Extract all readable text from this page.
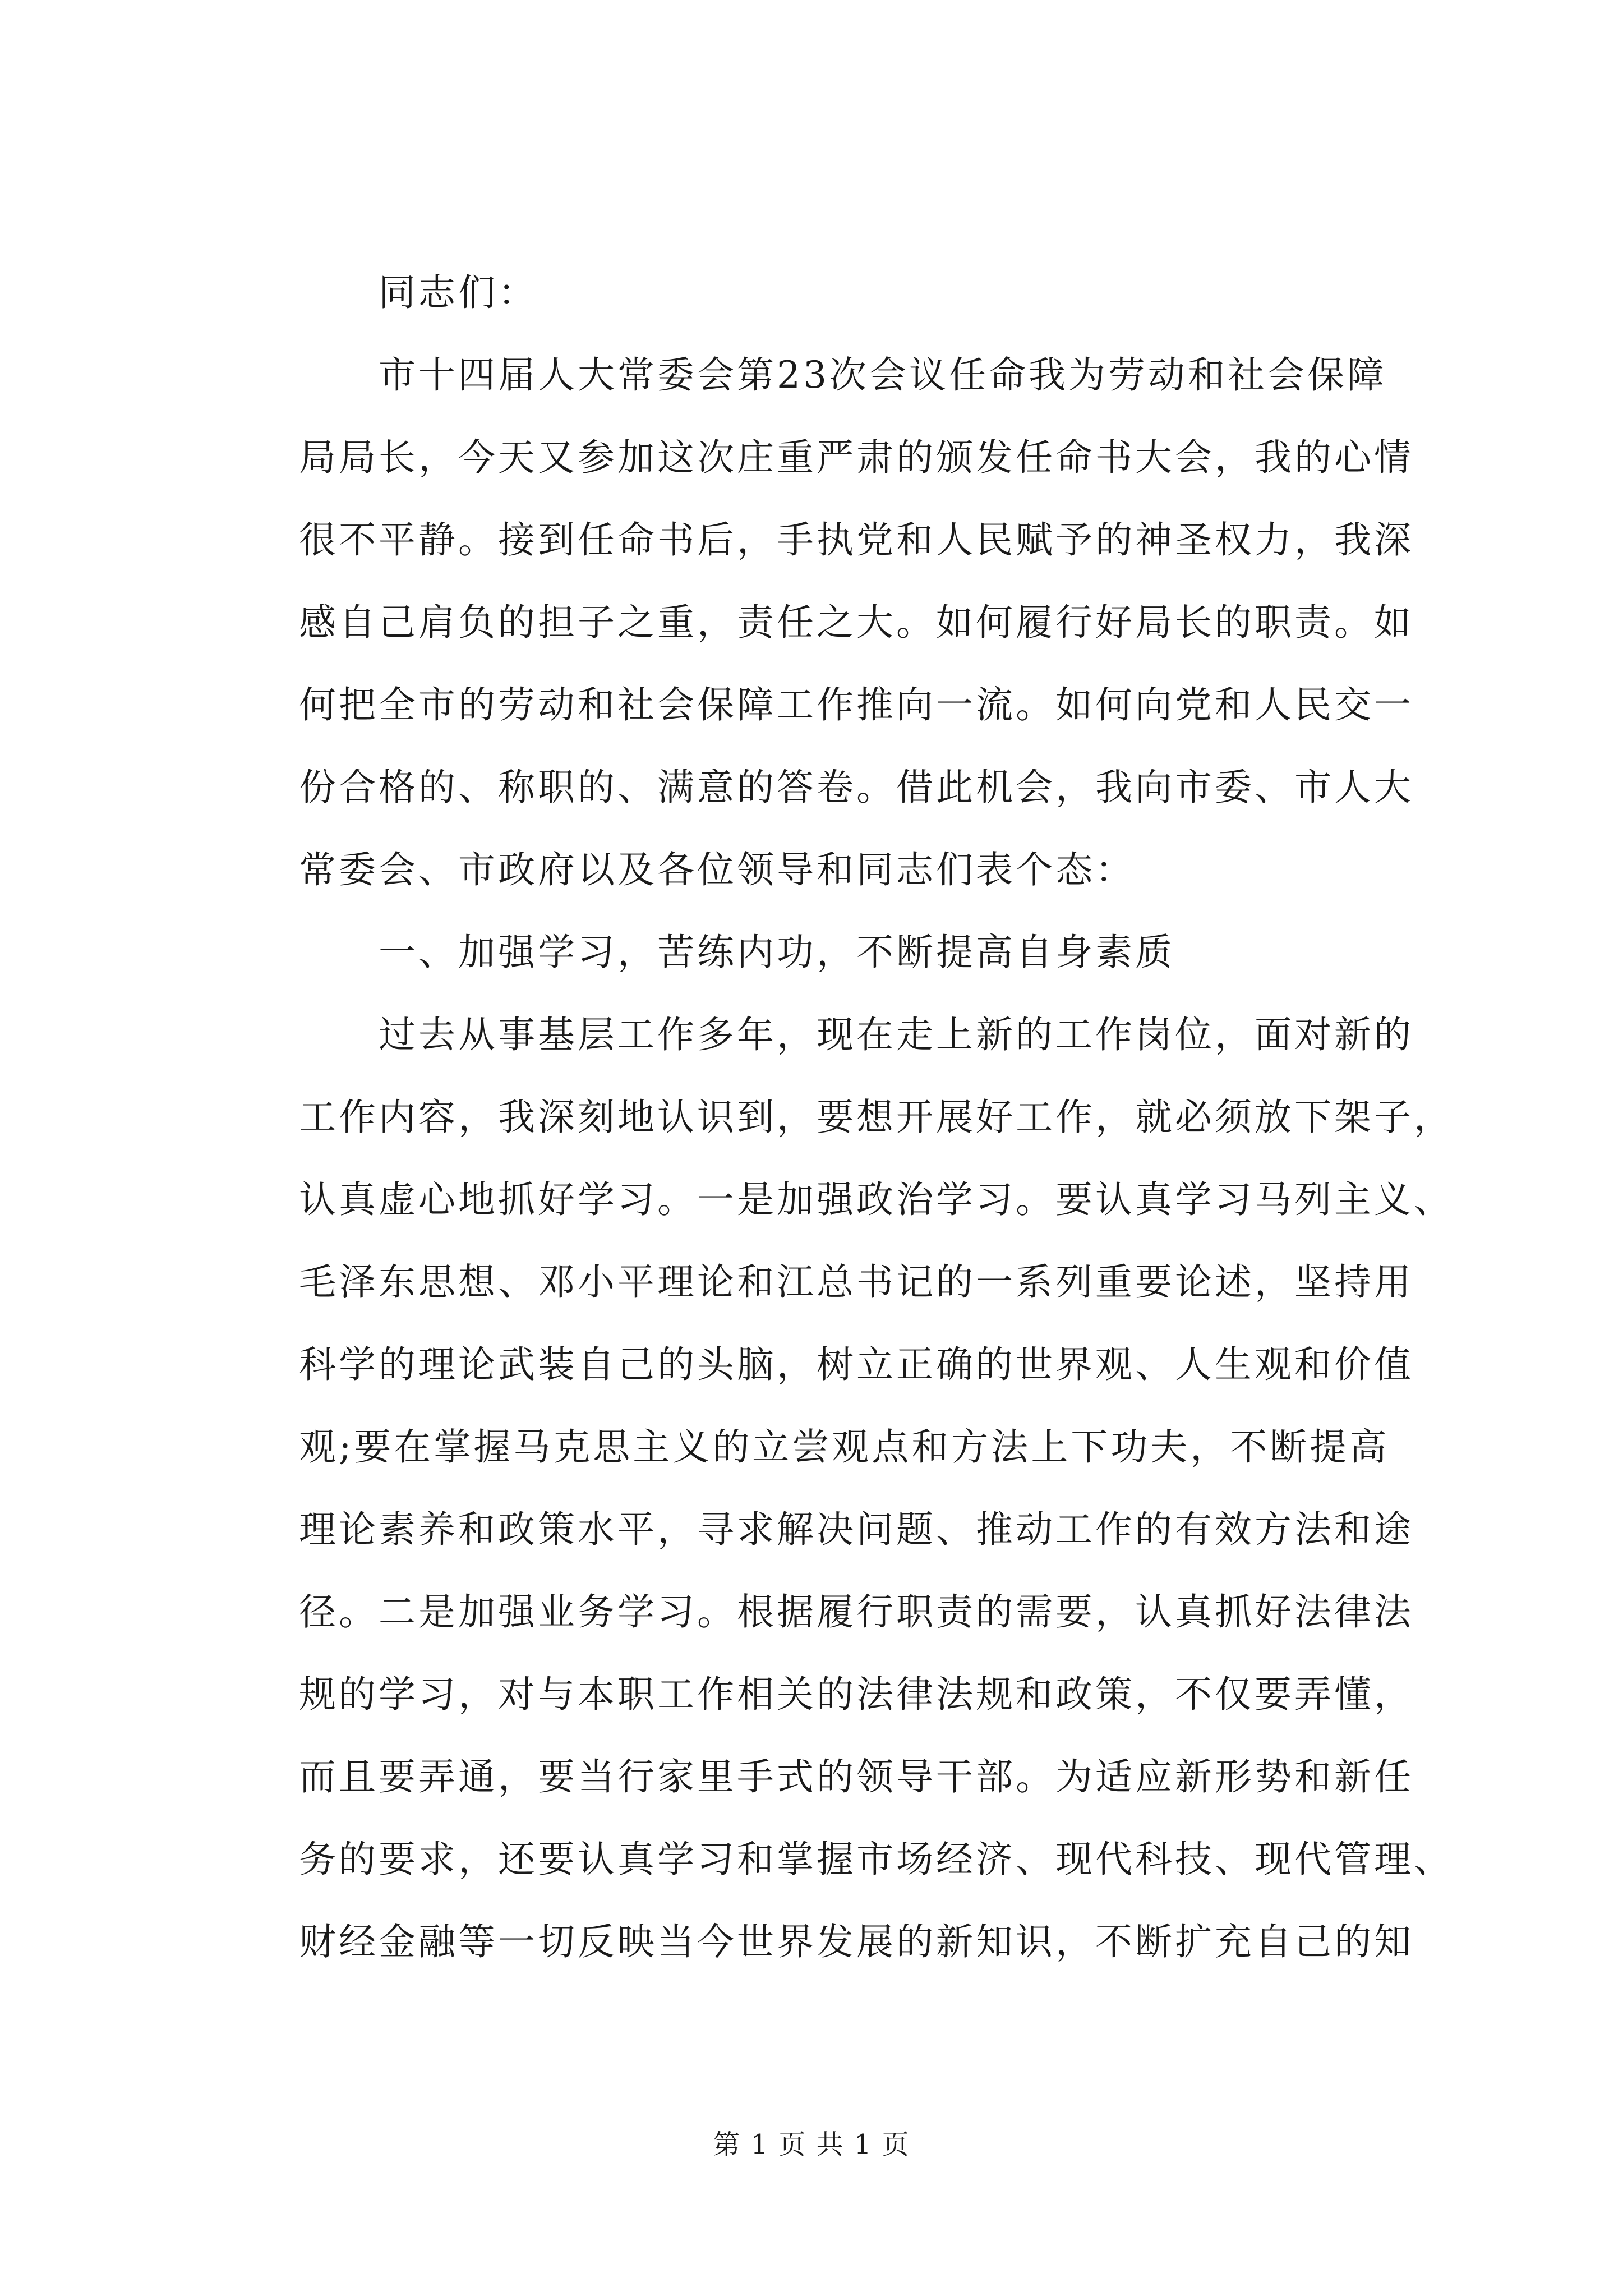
　　同志们：
　　市十四届人大常委会第23次会议任命我为劳动和社会保障
局局长，今天又参加这次庄重严肃的颁发任命书大会，我的心情
很不平静。接到任命书后，手执党和人民赋予的神圣权力，我深
感自己肩负的担子之重，责任之大。如何履行好局长的职责。如
何把全市的劳动和社会保障工作推向一流。如何向党和人民交一
份合格的、称职的、满意的答卷。借此机会，我向市委、市人大
常委会、市政府以及各位领导和同志们表个态：
　　一、加强学习，苦练内功，不断提高自身素质
　　过去从事基层工作多年，现在走上新的工作岗位，面对新的
工作内容，我深刻地认识到，要想开展好工作，就必须放下架子，
认真虚心地抓好学习。一是加强政治学习。要认真学习马列主义、
毛泽东思想、邓小平理论和江总书记的一系列重要论述，坚持用
科学的理论武装自己的头脑，树立正确的世界观、人生观和价值
观;要在掌握马克思主义的立尝观点和方法上下功夫，不断提高
理论素养和政策水平，寻求解决问题、推动工作的有效方法和途
径。二是加强业务学习。根据履行职责的需要，认真抓好法律法
规的学习，对与本职工作相关的法律法规和政策，不仅要弄懂，
而且要弄通，要当行家里手式的领导干部。为适应新形势和新任
务的要求，还要认真学习和掌握市场经济、现代科技、现代管理、
财经金融等一切反映当今世界发展的新知识，不断扩充自己的知
第 1 页 共 1 页
